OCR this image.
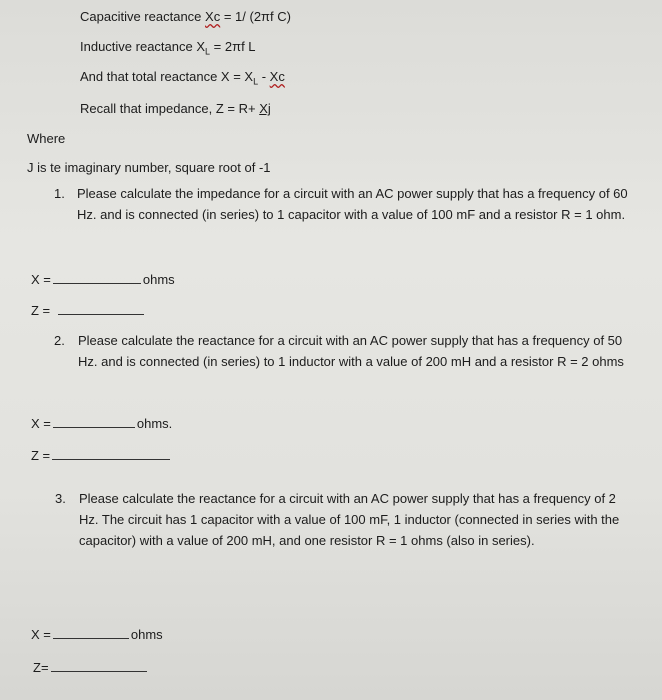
Capacitive reactance Xc = 1/ (2πf C)
Inductive reactance $X_L = 2\pi f$ L
And that total reactance $X = X_L - Xc$
Recall that impedance, Z = R+ Xj
Where
J is te imaginary number, square root of -1
1. Please calculate the impedance for a circuit with an AC power supply that has a frequency of 60
Hz. and is connected (in series) to 1 capacitor with a value of 100 mF and a resistor R = 1 ohm.
X =	ohms
Z =
2. Please calculate the reactance for a circuit with an AC power supply that has a frequency of 50
Hz. and is connected (in series) to 1 inductor with a value of 200 mH and a resistor R = 2 ohms
X =	ohms.
Z =
3. Please calculate the reactance for a circuit with an AC power supply that has a frequency of 2
Hz. The circuit has 1 capacitor with a value of 100 mF, 1 inductor (connected in series with the
capacitor) with a value of 200 mH, and one resistor R = 1 ohms (also in series).
X =	ohms
Z=
